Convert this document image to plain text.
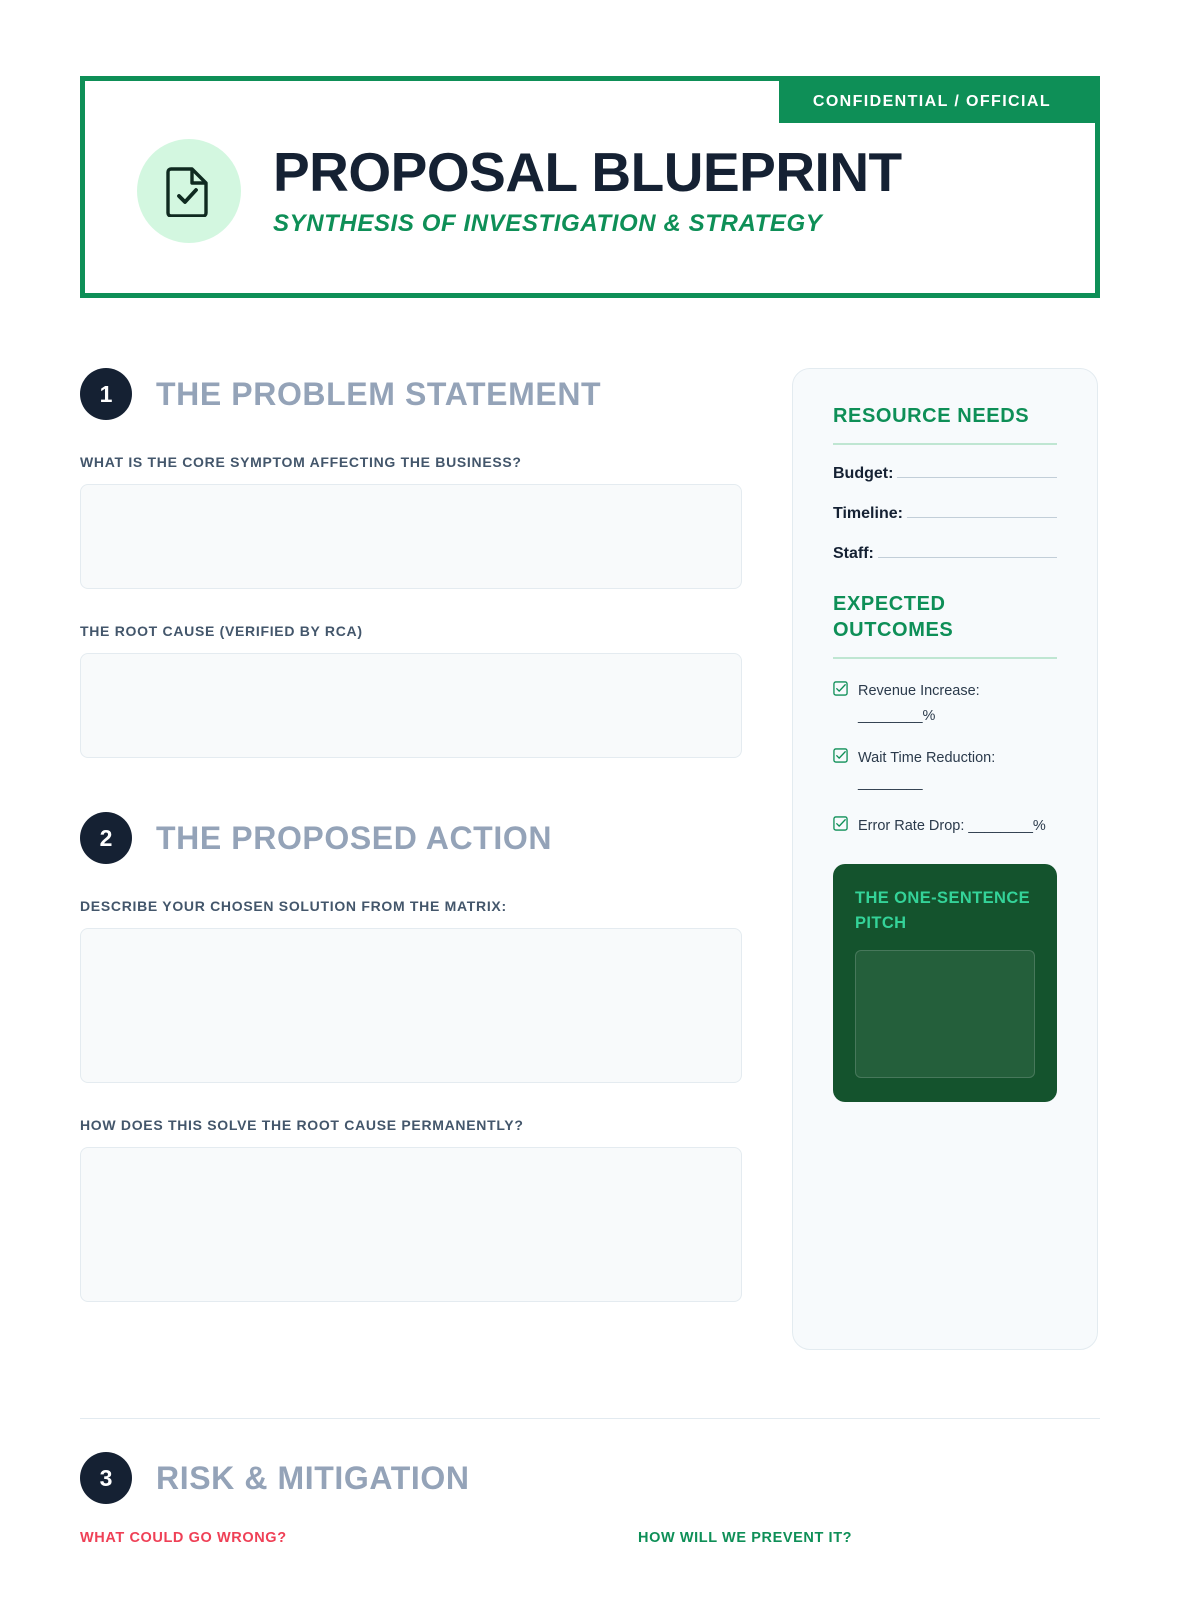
CONFIDENTIAL / OFFICIAL
PROPOSAL BLUEPRINT
SYNTHESIS OF INVESTIGATION & STRATEGY
1	THE PROBLEM STATEMENT
WHAT IS THE CORE SYMPTOM AFFECTING THE BUSINESS?
THE ROOT CAUSE (VERIFIED BY RCA)
2	THE PROPOSED ACTION
DESCRIBE YOUR CHOSEN SOLUTION FROM THE MATRIX:
HOW DOES THIS SOLVE THE ROOT CAUSE PERMANENTLY?
RESOURCE NEEDS
Budget:
Timeline:
Staff:
EXPECTED OUTCOMES
Revenue Increase: ________%
Wait Time Reduction: ________
Error Rate Drop: ________%
THE ONE-SENTENCE PITCH
3	RISK & MITIGATION
WHAT COULD GO WRONG?	HOW WILL WE PREVENT IT?
